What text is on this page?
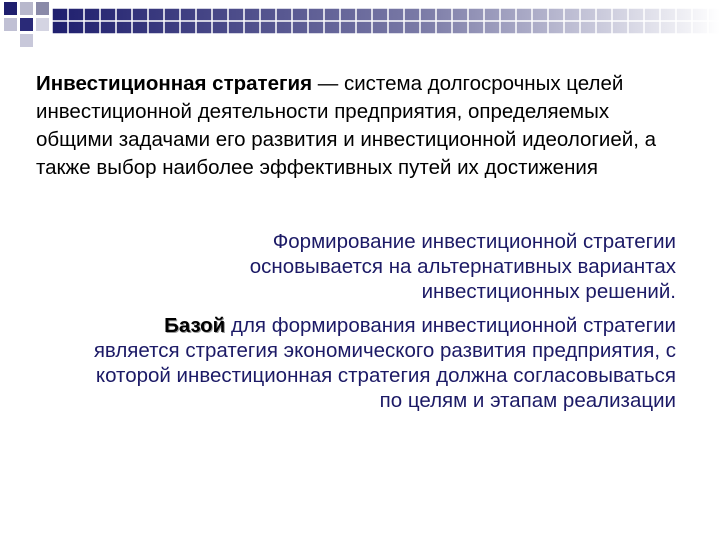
Инвестиционная стратегия — система долгосрочных целей инвестиционной деятельности предприятия, определяемых общими задачами его развития и инвестиционной идеологией, а также выбор наиболее эффективных путей их достижения
Формирование инвестиционной стратегии основывается на альтернативных вариантах инвестиционных решений.
Базой для формирования инвестиционной стратегии является стратегия экономического развития предприятия, с которой инвестиционная стратегия должна согласовываться по целям и этапам реализации
